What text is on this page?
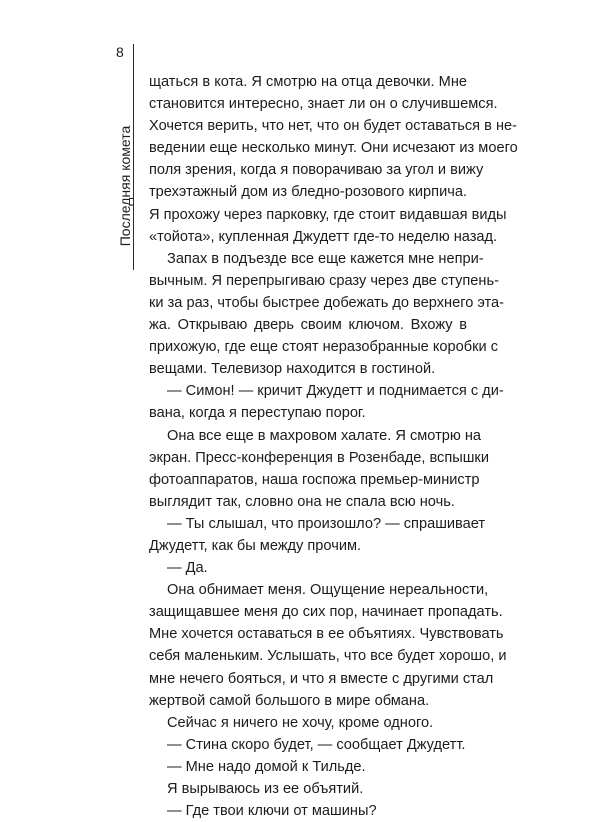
8
Последняя комета
щаться в кота. Я смотрю на отца девочки. Мне
становится интересно, знает ли он о случившемся.
Хочется верить, что нет, что он будет оставаться в не-
ведении еще несколько минут. Они исчезают из моего
поля зрения, когда я поворачиваю за угол и вижу
трехэтажный дом из бледно-розового кирпича.
Я прохожу через парковку, где стоит видавшая виды
«тойота», купленная Джудетт где-то неделю назад.
Запах в подъезде все еще кажется мне непри-
вычным. Я перепрыгиваю сразу через две ступень-
ки за раз, чтобы быстрее добежать до верхнего эта-
жа. Открываю дверь своим ключом. Вхожу в
прихожую, где еще стоят неразобранные коробки с
вещами. Телевизор находится в гостиной.
— Симон! — кричит Джудетт и поднимается с ди-
вана, когда я переступаю порог.
Она все еще в махровом халате. Я смотрю на
экран. Пресс-конференция в Розенбаде, вспышки
фотоаппаратов, наша госпожа премьер-министр
выглядит так, словно она не спала всю ночь.
— Ты слышал, что произошло? — спрашивает
Джудетт, как бы между прочим.
— Да.
Она обнимает меня. Ощущение нереальности,
защищавшее меня до сих пор, начинает пропадать.
Мне хочется оставаться в ее объятиях. Чувствовать
себя маленьким. Услышать, что все будет хорошо, и
мне нечего бояться, и что я вместе с другими стал
жертвой самой большого в мире обмана.
Сейчас я ничего не хочу, кроме одного.
— Стина скоро будет, — сообщает Джудетт.
— Мне надо домой к Тильде.
Я вырываюсь из ее объятий.
— Где твои ключи от машины?
